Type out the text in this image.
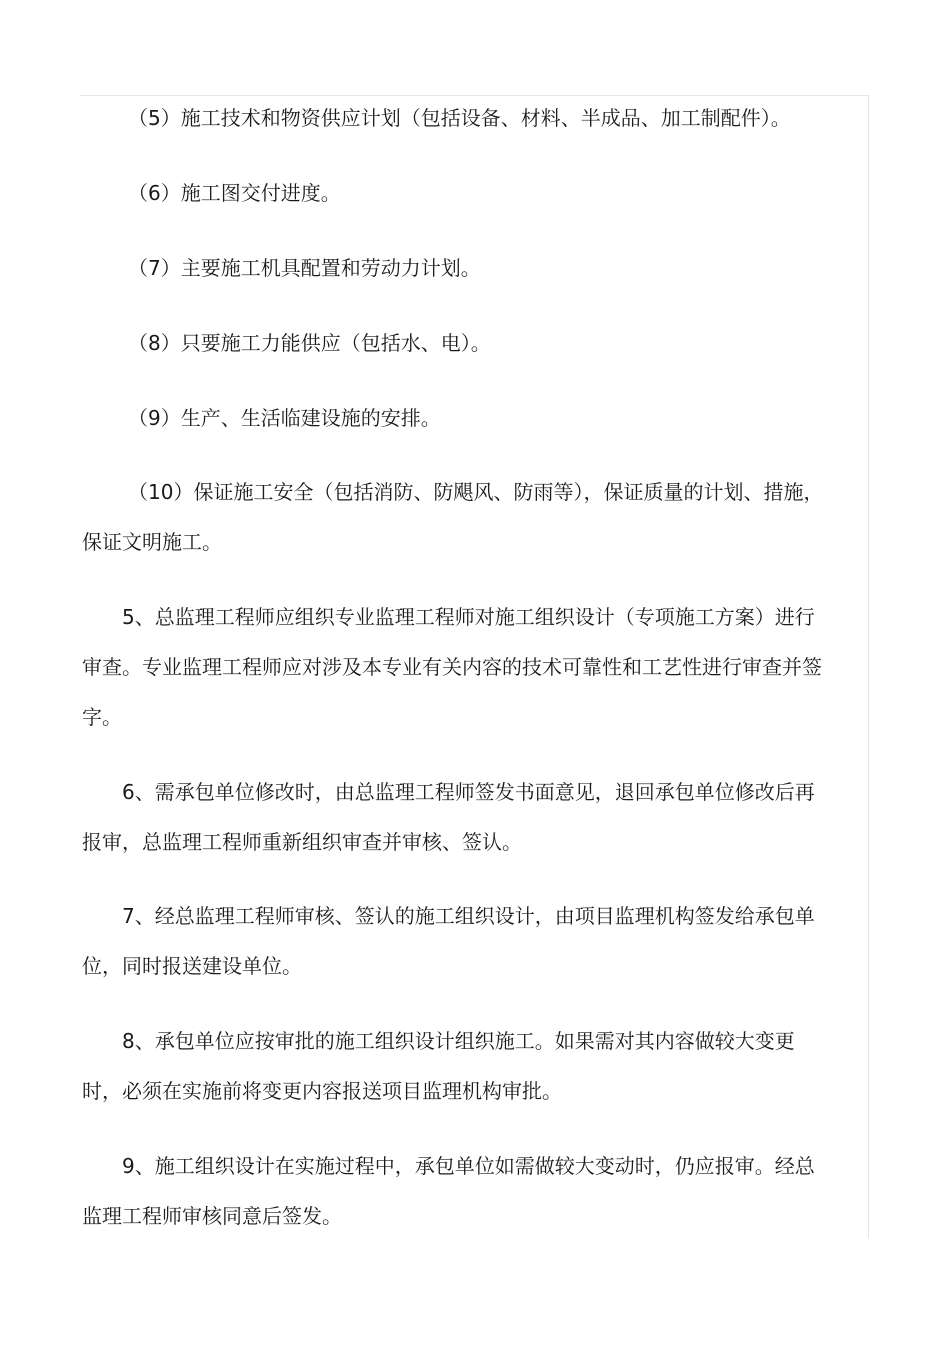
（5）施工技术和物资供应计划（包括设备、材料、半成品、加工制配件）。

（6）施工图交付进度。

（7）主要施工机具配置和劳动力计划。

（8）只要施工力能供应（包括水、电）。

（9）生产、生活临建设施的安排。

（10）保证施工安全（包括消防、防飓风、防雨等），保证质量的计划、措施，保证文明施工。

5、总监理工程师应组织专业监理工程师对施工组织设计（专项施工方案）进行审查。专业监理工程师应对涉及本专业有关内容的技术可靠性和工艺性进行审查并签字。

6、需承包单位修改时，由总监理工程师签发书面意见，退回承包单位修改后再报审，总监理工程师重新组织审查并审核、签认。

7、经总监理工程师审核、签认的施工组织设计，由项目监理机构签发给承包单位，同时报送建设单位。

8、承包单位应按审批的施工组织设计组织施工。如果需对其内容做较大变更时，必须在实施前将变更内容报送项目监理机构审批。

9、施工组织设计在实施过程中，承包单位如需做较大变动时，仍应报审。经总监理工程师审核同意后签发。
